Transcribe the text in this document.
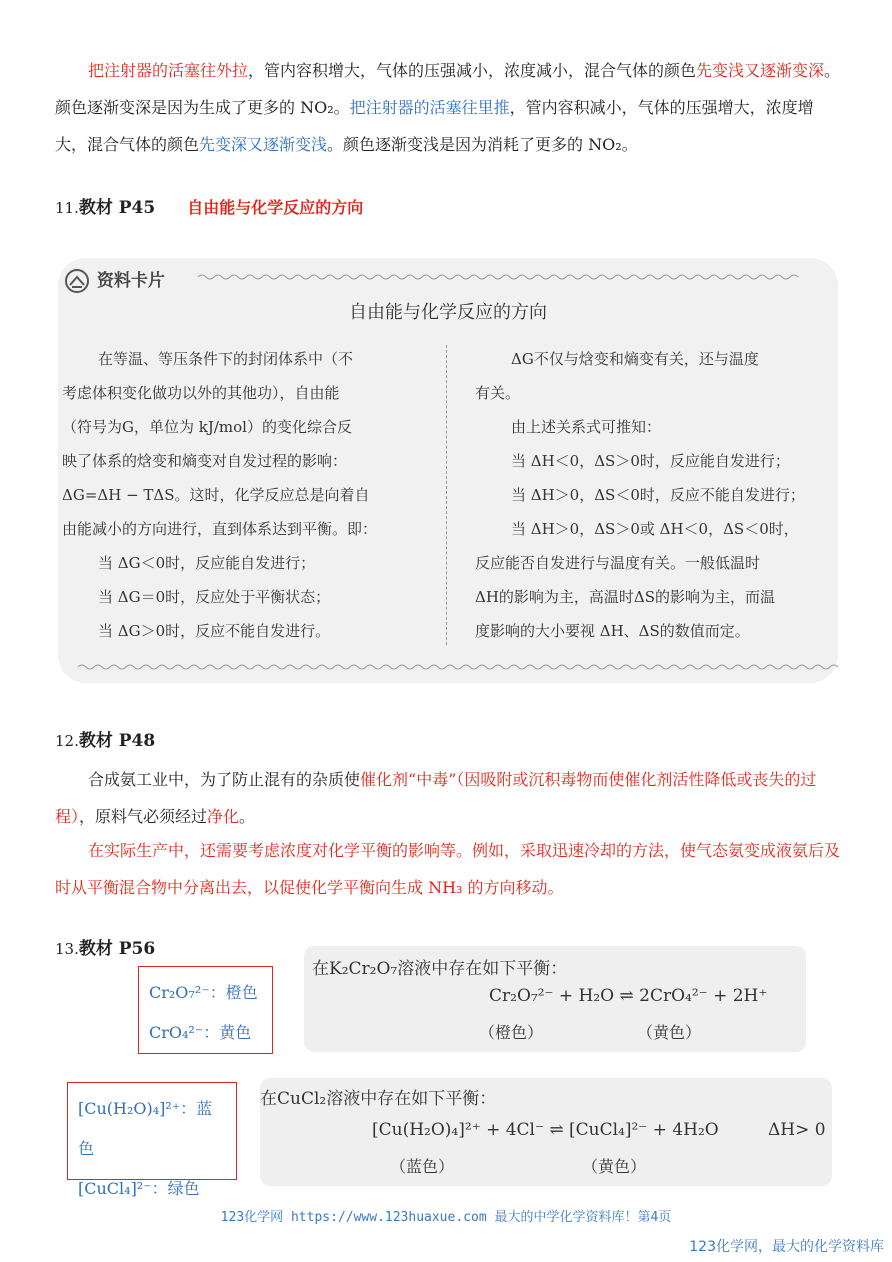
把注射器的活塞往外拉，管内容积增大，气体的压强减小，浓度减小，混合气体的颜色先变浅又逐渐变深。颜色逐渐变深是因为生成了更多的 NO₂。把注射器的活塞往里推，管内容积减小，气体的压强增大，浓度增大，混合气体的颜色先变深又逐渐变浅。颜色逐渐变浅是因为消耗了更多的 NO₂。
11.教材 P45 自由能与化学反应的方向
资料卡片
自由能与化学反应的方向
在等温、等压条件下的封闭体系中（不
考虑体积变化做功以外的其他功），自由能
（符号为G，单位为 kJ/mol）的变化综合反
映了体系的焓变和熵变对自发过程的影响：
ΔG=ΔH − TΔS。这时，化学反应总是向着自
由能减小的方向进行，直到体系达到平衡。即：
当 ΔG＜0时，反应能自发进行；
当 ΔG＝0时，反应处于平衡状态；
当 ΔG＞0时，反应不能自发进行。
ΔG不仅与焓变和熵变有关，还与温度
有关。
由上述关系式可推知：
当 ΔH＜0，ΔS＞0时，反应能自发进行；
当 ΔH＞0，ΔS＜0时，反应不能自发进行；
当 ΔH＞0，ΔS＞0或 ΔH＜0，ΔS＜0时，
反应能否自发进行与温度有关。一般低温时
ΔH的影响为主，高温时ΔS的影响为主，而温
度影响的大小要视 ΔH、ΔS的数值而定。
12.教材 P48
合成氨工业中，为了防止混有的杂质使催化剂“中毒”（因吸附或沉积毒物而使催化剂活性降低或丧失的过程），原料气必须经过净化。
在实际生产中，还需要考虑浓度对化学平衡的影响等。例如，采取迅速冷却的方法，使气态氨变成液氨后及时从平衡混合物中分离出去，以促使化学平衡向生成 NH₃ 的方向移动。
13.教材 P56
Cr₂O₇²⁻：橙色
CrO₄²⁻：黄色
在K₂Cr₂O₇溶液中存在如下平衡：
Cr₂O₇²⁻ + H₂O ⇌ 2CrO₄²⁻ + 2H⁺
（橙色）	（黄色）
[Cu(H₂O)₄]²⁺：蓝色
[CuCl₄]²⁻：绿色
在CuCl₂溶液中存在如下平衡：
[Cu(H₂O)₄]²⁺ + 4Cl⁻ ⇌ [CuCl₄]²⁻ + 4H₂O	ΔH> 0
（蓝色）	（黄色）
123化学网 https://www.123huaxue.com 最大的中学化学资料库！第4页
123化学网，最大的化学资料库
